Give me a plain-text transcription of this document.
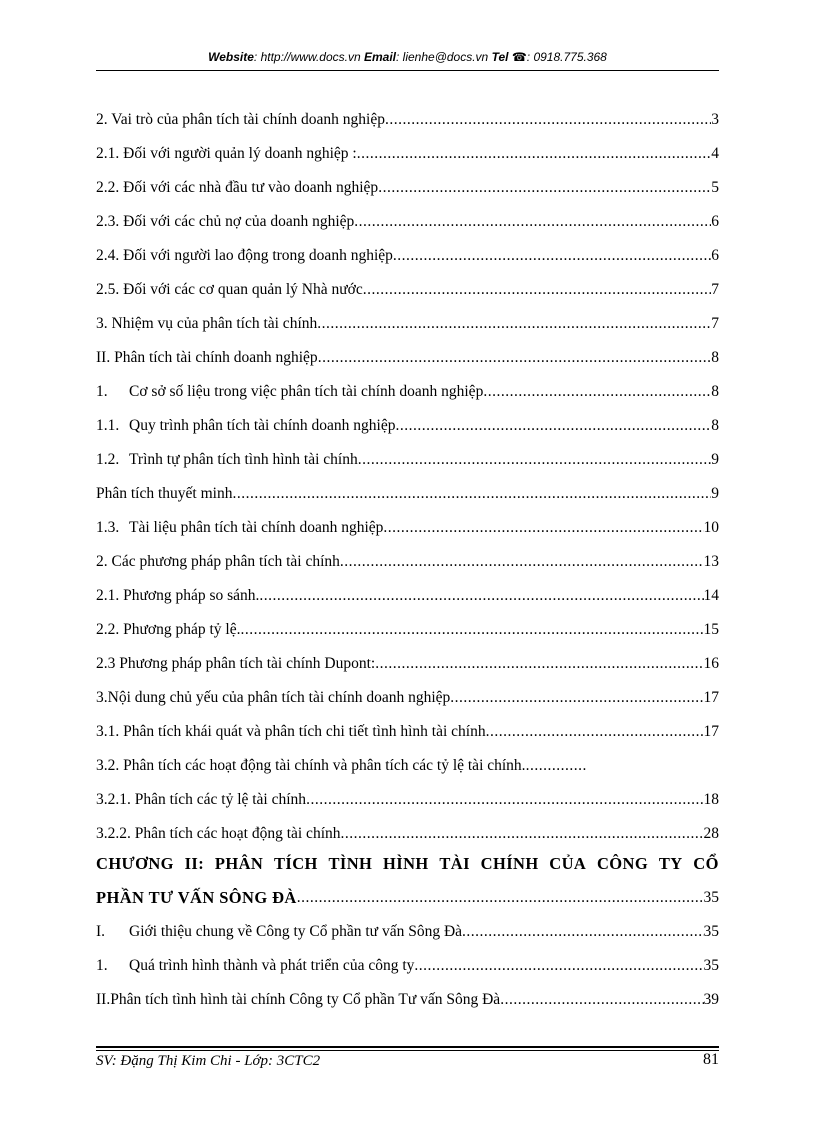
Website: http://www.docs.vn Email: lienhe@docs.vn Tel ☎: 0918.775.368
2. Vai trò của phân tích tài chính doanh nghiệp .....	3
2.1. Đối với người quản lý doanh nghiệp : .....	4
2.2. Đối với các nhà đầu tư vào doanh nghiệp .....	5
2.3. Đối với các chủ nợ của doanh nghiệp .....	6
2.4. Đối với người lao động trong doanh nghiệp .....	6
2.5. Đối với các cơ quan quản lý Nhà nước .....	7
3. Nhiệm vụ của phân tích tài chính .....	7
II. Phân tích tài chính doanh nghiệp .....	8
1. Cơ sở số liệu trong việc phân tích tài chính doanh nghiệp .....	8
1.1. Quy trình phân tích tài chính doanh nghiệp .....	8
1.2. Trình tự phân tích tình hình tài chính .....	9
Phân tích thuyết minh .....	9
1.3. Tài liệu phân tích tài chính doanh nghiệp .....	10
2. Các phương pháp phân tích tài chính .....	13
2.1. Phương pháp so sánh. .....	14
2.2. Phương pháp tỷ lệ. .....	15
2.3 Phương pháp phân tích tài chính Dupont: .....	16
3.Nội dung chủ yếu của phân tích tài chính doanh nghiệp .....	17
3.1. Phân tích khái quát và phân tích chi tiết tình hình tài chính .....	17
3.2. Phân tích các hoạt động tài chính và phân tích các tỷ lệ tài chính. ..............
3.2.1. Phân tích các tỷ lệ tài chính .....	18
3.2.2. Phân tích các hoạt động tài chính .....	28
CHƯƠNG II: PHÂN TÍCH TÌNH HÌNH TÀI CHÍNH CỦA CÔNG TY CỔ
PHẦN TƯ VẤN SÔNG ĐÀ .....	35
I. Giới thiệu chung về Công ty Cổ phần tư vấn Sông Đà .....	35
1. Quá trình hình thành và phát triển của công ty .....	35
II.Phân tích tình hình tài chính Công ty Cổ phần Tư vấn Sông Đà .....	39
SV: Đặng Thị Kim Chi - Lớp: 3CTC2	81
